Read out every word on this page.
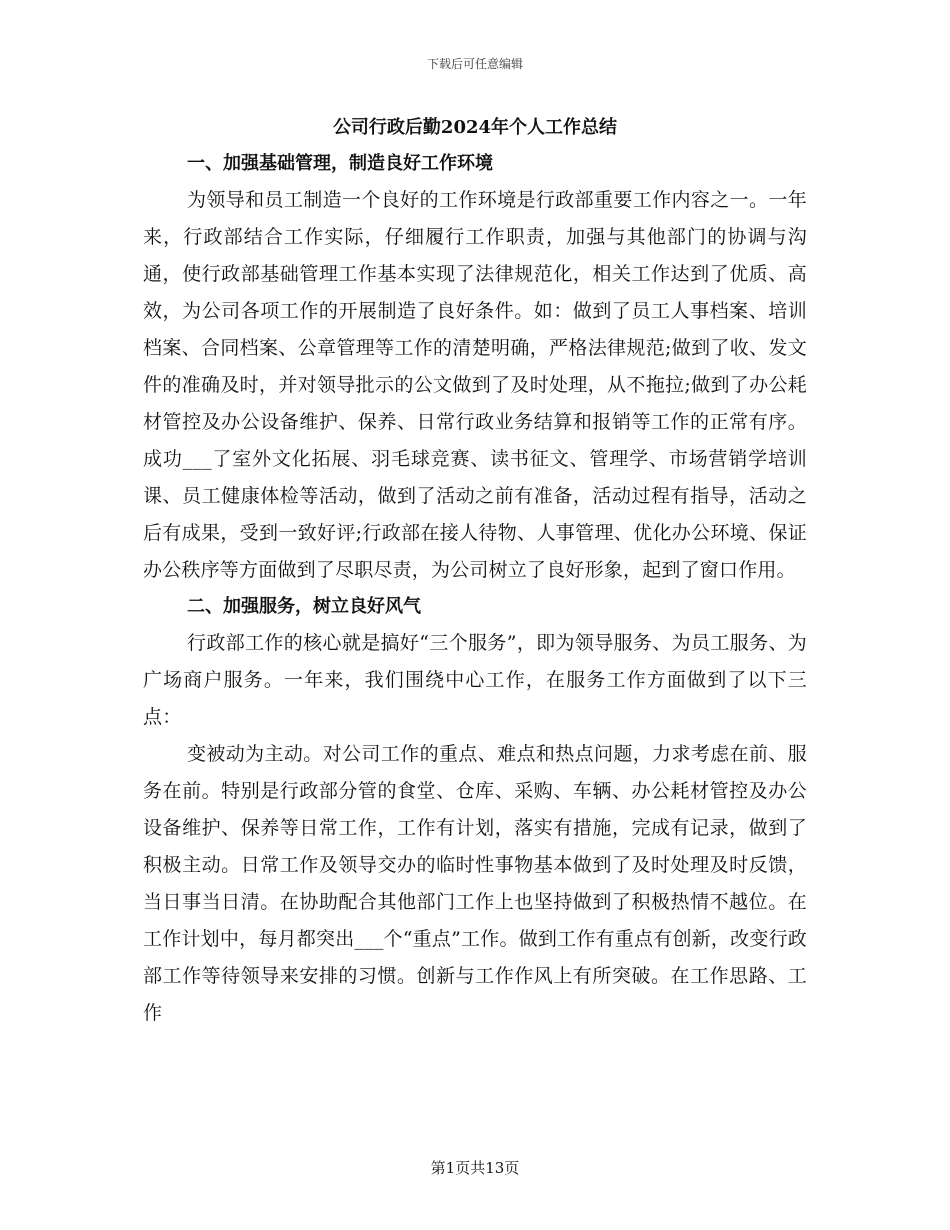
下载后可任意编辑
公司行政后勤2024年个人工作总结
一、加强基础管理，制造良好工作环境

为领导和员工制造一个良好的工作环境是行政部重要工作内容之一。一年来，行政部结合工作实际，仔细履行工作职责，加强与其他部门的协调与沟通，使行政部基础管理工作基本实现了法律规范化，相关工作达到了优质、高效，为公司各项工作的开展制造了良好条件。如：做到了员工人事档案、培训档案、合同档案、公章管理等工作的清楚明确，严格法律规范;做到了收、发文件的准确及时，并对领导批示的公文做到了及时处理，从不拖拉;做到了办公耗材管控及办公设备维护、保养、日常行政业务结算和报销等工作的正常有序。成功___了室外文化拓展、羽毛球竞赛、读书征文、管理学、市场营销学培训课、员工健康体检等活动，做到了活动之前有准备，活动过程有指导，活动之后有成果，受到一致好评;行政部在接人待物、人事管理、优化办公环境、保证办公秩序等方面做到了尽职尽责，为公司树立了良好形象，起到了窗口作用。

二、加强服务，树立良好风气

行政部工作的核心就是搞好“三个服务”，即为领导服务、为员工服务、为广场商户服务。一年来，我们围绕中心工作，在服务工作方面做到了以下三点：

变被动为主动。对公司工作的重点、难点和热点问题，力求考虑在前、服务在前。特别是行政部分管的食堂、仓库、采购、车辆、办公耗材管控及办公设备维护、保养等日常工作，工作有计划，落实有措施，完成有记录，做到了积极主动。日常工作及领导交办的临时性事物基本做到了及时处理及时反馈，当日事当日清。在协助配合其他部门工作上也坚持做到了积极热情不越位。在工作计划中，每月都突出___个“重点”工作。做到工作有重点有创新，改变行政部工作等待领导来安排的习惯。创新与工作作风上有所突破。在工作思路、工作

第1页共13页
